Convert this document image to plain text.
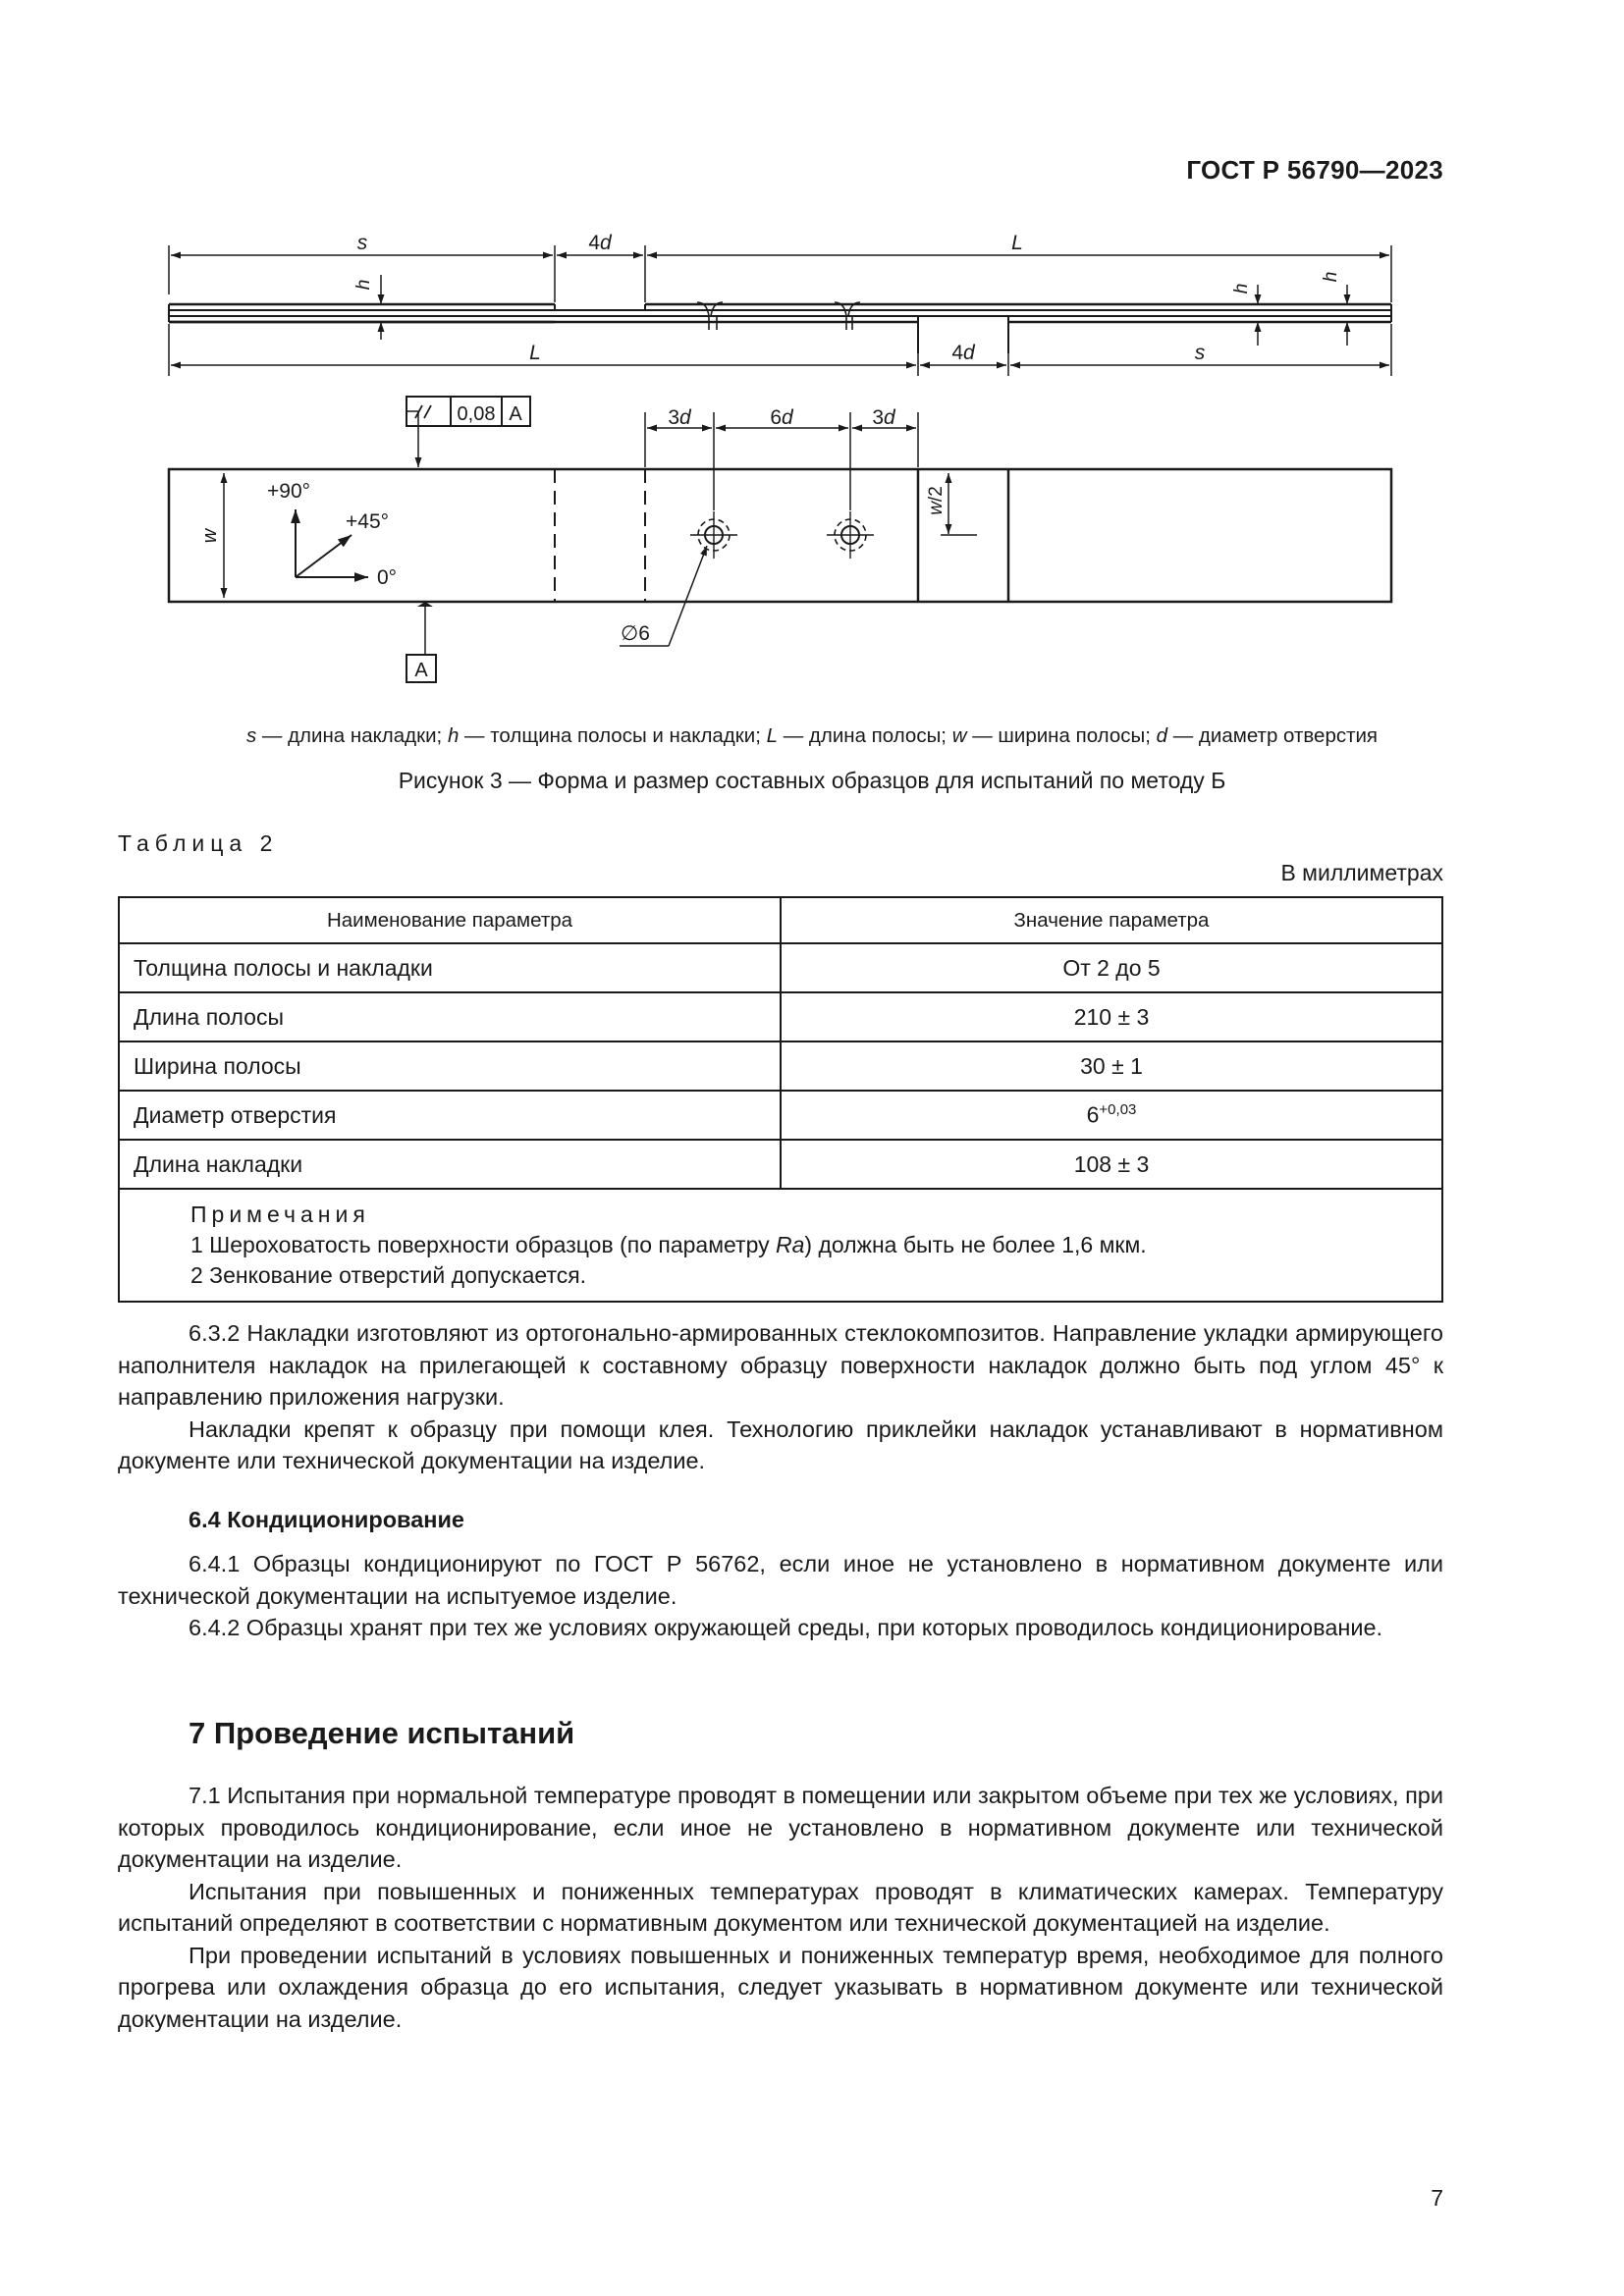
ГОСТ Р 56790—2023
s	4d	L
L	4d	s
h	h
h
w
w/2
3d	6d	3d
0,08 A
A
+90°
+45°
0°
∅6
s — длина накладки; h — толщина полосы и накладки; L — длина полосы; w — ширина полосы; d — диаметр отверстия
Рисунок 3 — Форма и размер составных образцов для испытаний по методу Б
Таблица 2
В миллиметрах
Наименование параметра	Значение параметра
Толщина полосы и накладки	От 2 до 5
Длина полосы	210 ± 3
Ширина полосы	30 ± 1
Диаметр отверстия	$6^{+0,03}$
Длина накладки	108 ± 3

Примечания
1 Шероховатость поверхности образцов (по параметру Ra) должна быть не более 1,6 мкм.
2 Зенкование отверстий допускается.	

6.3.2 Накладки изготовляют из ортогонально-армированных стеклокомпозитов. Направление укладки армирующего наполнителя накладок на прилегающей к составному образцу поверхности накладок должно быть под углом 45° к направлению приложения нагрузки.

Накладки крепят к образцу при помощи клея. Технологию приклейки накладок устанавливают в нормативном документе или технической документации на изделие.

6.4 Кондиционирование

6.4.1 Образцы кондиционируют по ГОСТ Р 56762, если иное не установлено в нормативном документе или технической документации на испытуемое изделие.

6.4.2 Образцы хранят при тех же условиях окружающей среды, при которых проводилось кондиционирование.

7 Проведение испытаний

7.1 Испытания при нормальной температуре проводят в помещении или закрытом объеме при тех же условиях, при которых проводилось кондиционирование, если иное не установлено в нормативном документе или технической документации на изделие.

Испытания при повышенных и пониженных температурах проводят в климатических камерах. Температуру испытаний определяют в соответствии с нормативным документом или технической документацией на изделие.

При проведении испытаний в условиях повышенных и пониженных температур время, необходимое для полного прогрева или охлаждения образца до его испытания, следует указывать в нормативном документе или технической документации на изделие.

7
